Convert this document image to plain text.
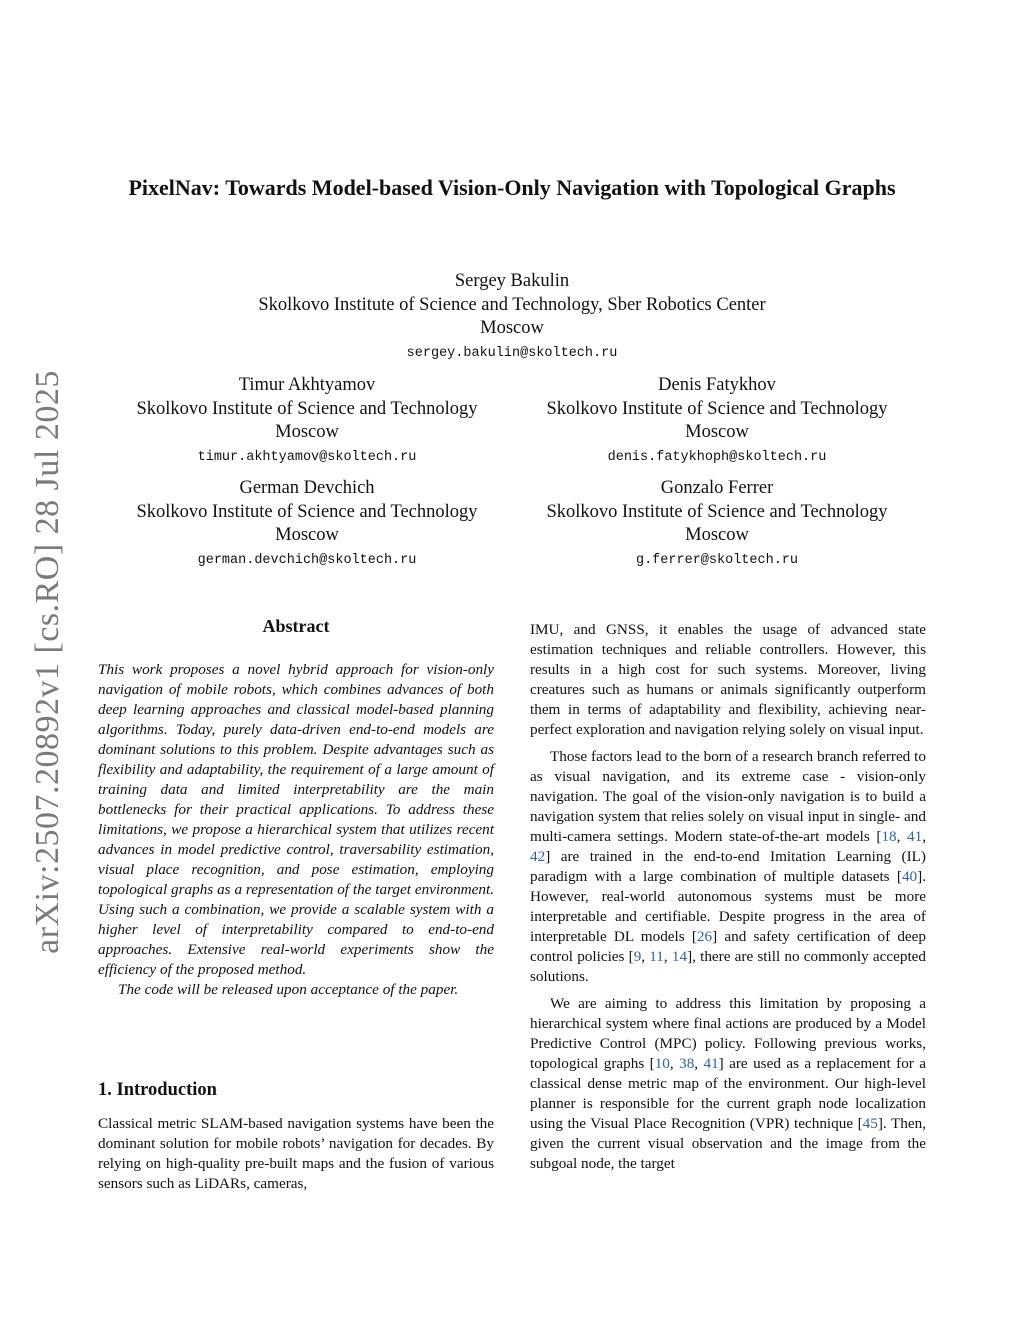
arXiv:2507.20892v1 [cs.RO] 28 Jul 2025
PixelNav: Towards Model-based Vision-Only Navigation with Topological Graphs
Sergey Bakulin
Skolkovo Institute of Science and Technology, Sber Robotics Center
Moscow
sergey.bakulin@skoltech.ru
Timur Akhtyamov
Skolkovo Institute of Science and Technology
Moscow
timur.akhtyamov@skoltech.ru
Denis Fatykhov
Skolkovo Institute of Science and Technology
Moscow
denis.fatykhoph@skoltech.ru
German Devchich
Skolkovo Institute of Science and Technology
Moscow
german.devchich@skoltech.ru
Gonzalo Ferrer
Skolkovo Institute of Science and Technology
Moscow
g.ferrer@skoltech.ru
Abstract

This work proposes a novel hybrid approach for vision-only navigation of mobile robots, which combines advances of both deep learning approaches and classical model-based planning algorithms. Today, purely data-driven end-to-end models are dominant solutions to this problem. Despite advantages such as flexibility and adaptability, the requirement of a large amount of training data and limited interpretability are the main bottlenecks for their practical applications. To address these limitations, we propose a hierarchical system that utilizes recent advances in model predictive control, traversability estimation, visual place recognition, and pose estimation, employing topological graphs as a representation of the target environment. Using such a combination, we provide a scalable system with a higher level of interpretability compared to end-to-end approaches. Extensive real-world experiments show the efficiency of the proposed method.

The code will be released upon acceptance of the paper.

1. Introduction

Classical metric SLAM-based navigation systems have been the dominant solution for mobile robots’ navigation for decades. By relying on high-quality pre-built maps and the fusion of various sensors such as LiDARs, cameras,

IMU, and GNSS, it enables the usage of advanced state estimation techniques and reliable controllers. However, this results in a high cost for such systems. Moreover, living creatures such as humans or animals significantly outperform them in terms of adaptability and flexibility, achieving near-perfect exploration and navigation relying solely on visual input.

Those factors lead to the born of a research branch referred to as visual navigation, and its extreme case - vision-only navigation. The goal of the vision-only navigation is to build a navigation system that relies solely on visual input in single- and multi-camera settings. Modern state-of-the-art models [18, 41, 42] are trained in the end-to-end Imitation Learning (IL) paradigm with a large combination of multiple datasets [40]. However, real-world autonomous systems must be more interpretable and certifiable. Despite progress in the area of interpretable DL models [26] and safety certification of deep control policies [9, 11, 14], there are still no commonly accepted solutions.

We are aiming to address this limitation by proposing a hierarchical system where final actions are produced by a Model Predictive Control (MPC) policy. Following previous works, topological graphs [10, 38, 41] are used as a replacement for a classical dense metric map of the environment. Our high-level planner is responsible for the current graph node localization using the Visual Place Recognition (VPR) technique [45]. Then, given the current visual observation and the image from the subgoal node, the target
